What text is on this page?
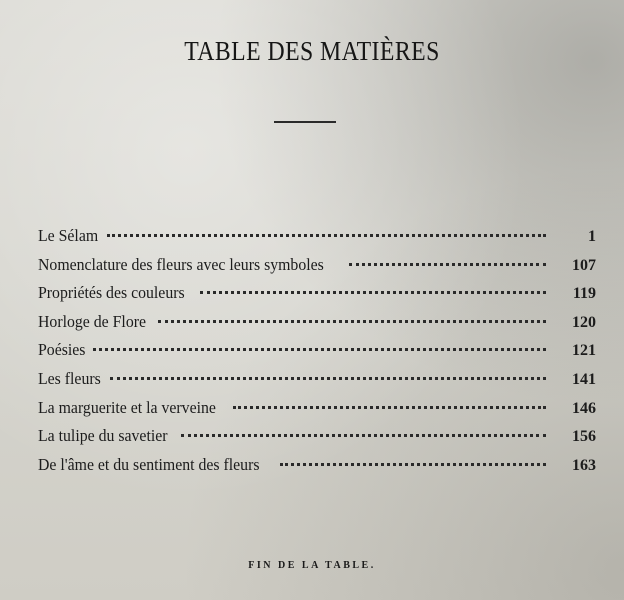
TABLE DES MATIÈRES
Le Sélam	1
Nomenclature des fleurs avec leurs symboles	107
Propriétés des couleurs	119
Horloge de Flore	120
Poésies	121
Les fleurs	141
La marguerite et la verveine	146
La tulipe du savetier	156
De l'âme et du sentiment des fleurs	163
FIN DE LA TABLE.
